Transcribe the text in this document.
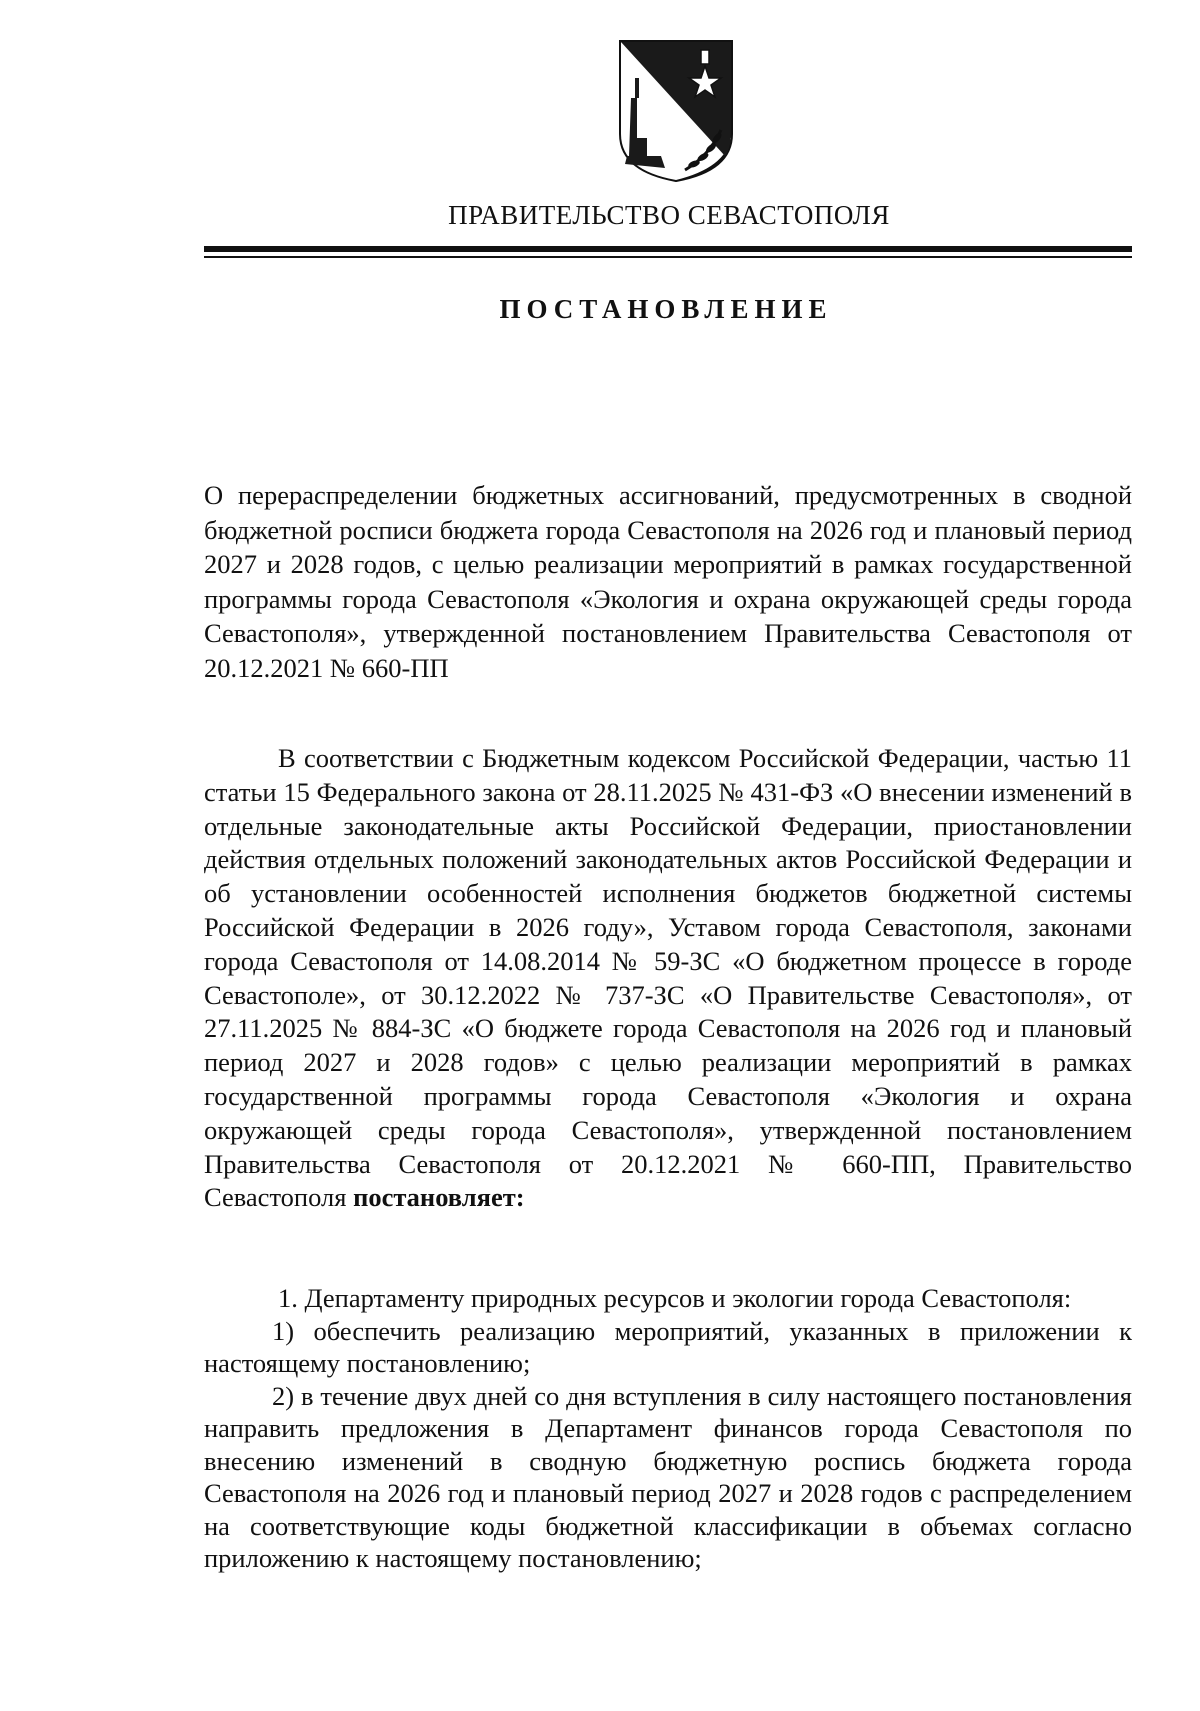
ПРАВИТЕЛЬСТВО СЕВАСТОПОЛЯ
ПОСТАНОВЛЕНИЕ
О перераспределении бюджетных ассигнований, предусмотренных в сводной бюджетной росписи бюджета города Севастополя на 2026 год и плановый период 2027 и 2028 годов, с целью реализации мероприятий в рамках государственной программы города Севастополя «Экология и охрана окружающей среды города Севастополя», утвержденной постановлением Правительства Севастополя от 20.12.2021 № 660-ПП

В соответствии с Бюджетным кодексом Российской Федерации, частью 11 статьи 15 Федерального закона от 28.11.2025 № 431-ФЗ «О внесении изменений в отдельные законодательные акты Российской Федерации, приостановлении действия отдельных положений законодательных актов Российской Федерации и об установлении особенностей исполнения бюджетов бюджетной системы Российской Федерации в 2026 году», Уставом города Севастополя, законами города Севастополя от 14.08.2014 № 59-ЗС «О бюджетном процессе в городе Севастополе», от 30.12.2022 № 737-ЗС «О Правительстве Севастополя», от 27.11.2025 № 884-ЗС «О бюджете города Севастополя на 2026 год и плановый период 2027 и 2028 годов» с целью реализации мероприятий в рамках государственной программы города Севастополя «Экология и охрана окружающей среды города Севастополя», утвержденной постановлением Правительства Севастополя от 20.12.2021 № 660-ПП, Правительство Севастополя постановляет:

1. Департаменту природных ресурсов и экологии города Севастополя:

1) обеспечить реализацию мероприятий, указанных в приложении к настоящему постановлению;

2) в течение двух дней со дня вступления в силу настоящего постановления направить предложения в Департамент финансов города Севастополя по внесению изменений в сводную бюджетную роспись бюджета города Севастополя на 2026 год и плановый период 2027 и 2028 годов с распределением на соответствующие коды бюджетной классификации в объемах согласно приложению к настоящему постановлению;
